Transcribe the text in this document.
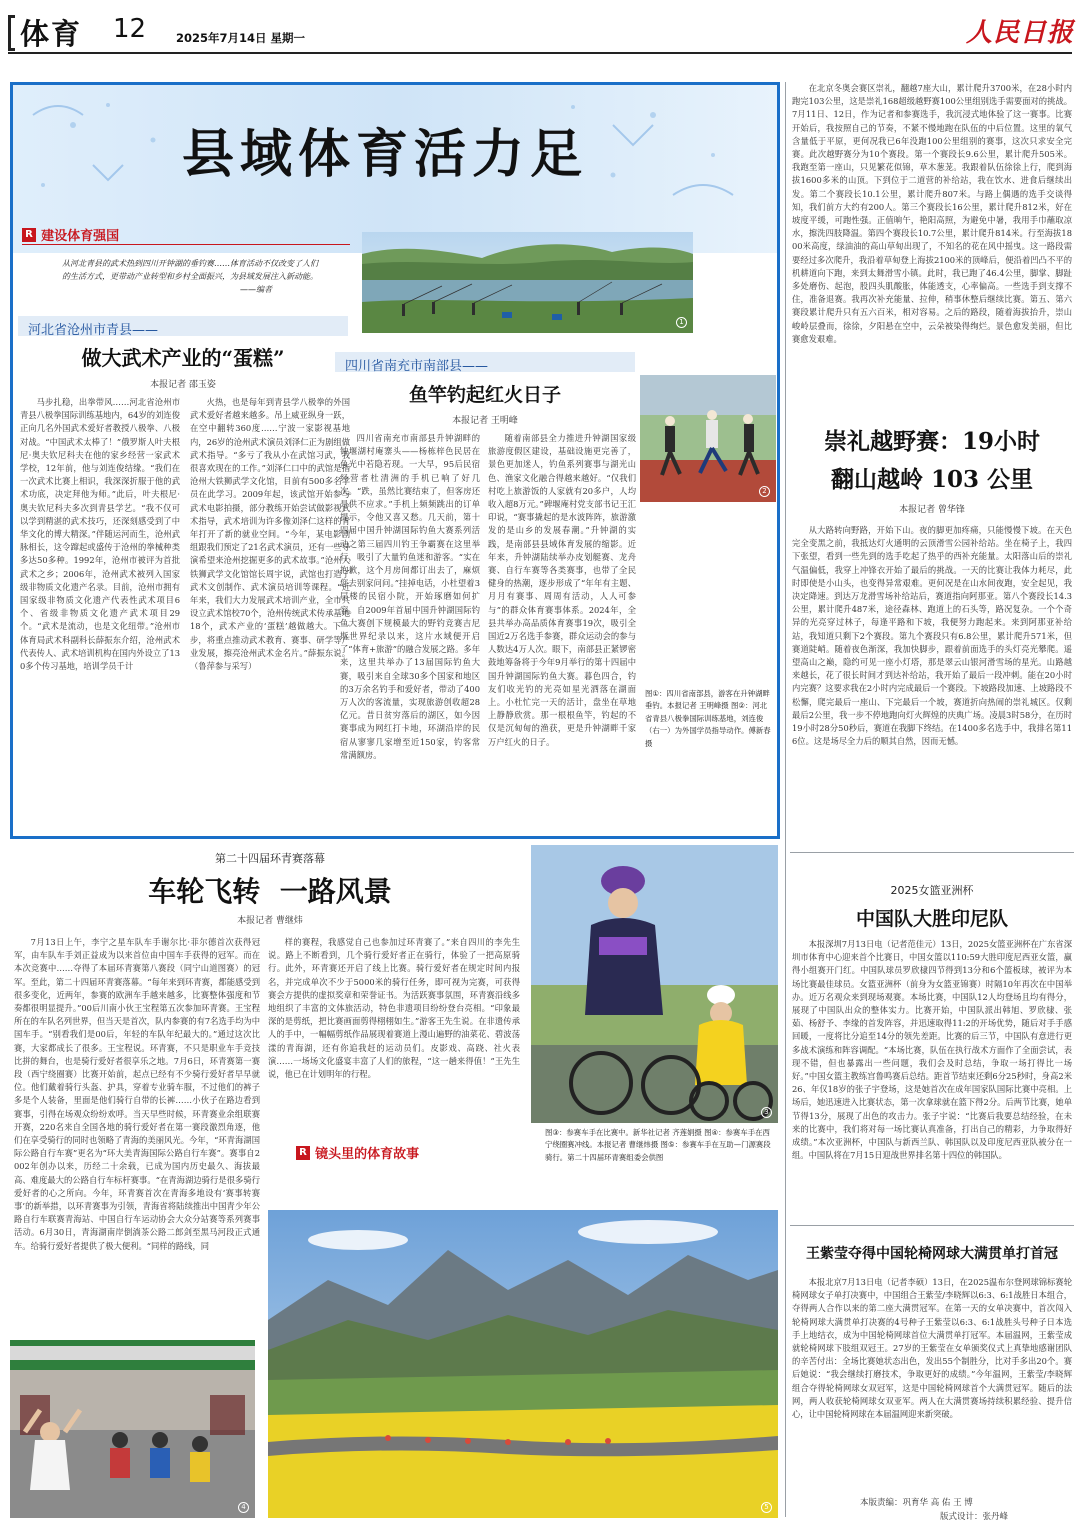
体育 12	2025年7月14日 星期一	人民日报
县域体育活力足
R 建设体育强国
从河北青县的武术热到四川开钟湖的垂钓赛……体育活动不仅改变了人们的生活方式，更带动产业转型和乡村全面振兴，为县域发展注入新动能。
——编者
1
河北省沧州市青县——
做大武术产业的“蛋糕”
本报记者 邵玉姿

马步扎稳，出拳带风……河北省沧州市青县八极拳国际训练基地内，64岁的刘连俊正向几名外国武术爱好者教授八极拳、八极对战。“中国武术太棒了！”俄罗斯人叶夫根尼·奥夫钦尼科夫在他的家乡经营一家武术学校，12年前，他与刘连俊结缘。“我们在一次武术比赛上相识，我深深折服于他的武术功底，决定拜他为师。”此后，叶夫根尼·奥夫钦尼科夫多次到青县学艺。“我不仅可以学到精湛的武术技巧，还深刻感受到了中华文化的博大精深。”伴随运河而生，沧州武脉相长，这令蹿起或盛传于沧州的拳械种类多达50多种。1992年，沧州市被评为首批武术之乡；2006年，沧州武术被列入国家级非物质文化遗产名录。目前，沧州市拥有国家级非物质文化遗产代表性武术项目6个、省级非物质文化遗产武术项目29个。“武术是流动，也是文化纽带。”沧州市体育局武术科副科长薛振东介绍，沧州武术代表传人、武术培训机构在国内外设立了130多个传习基地，培训学员千计

火热，也是每年到青县学八极拳的外国武术爱好者越来越多。吊上威亚纵身一跃，在空中翻转360度……宁波一家影视基地内，26岁的沧州武术演员刘泽仁正为剧组做武术指导。“多亏了我从小在武馆习武，我很喜欢现在的工作。”刘泽仁口中的武馆是指沧州大铁狮武学文化馆，目前有500多名学员在此学习。2009年起，该武馆开始参与武术电影拍摄，部分教练开始尝试做影视武术指导，武术培训为许多像刘泽仁这样的青年打开了新的就业空间。“今年，某电影剧组跟我们预定了21名武术演员，还有一些导演希望来沧州挖掘更多的武术故事。”沧州大铁狮武学文化馆馆长周宇说，武馆也打造了武术文创制作、武术演员培训等课程。“近年来，我们大力发展武术培训产业，全市共设立武术馆校70个，沧州传统武术传承基地18个，武术产业的‘蛋糕’越做越大。下一步，将重点推动武术教育、赛事、研学等产业发展，擦亮沧州武术金名片。”薛振东说。（鲁萍参与采写）

四川省南充市南部县——
鱼竿钓起红火日子
本报记者 王明峰

四川省南充市南部县升钟湖畔的钟堰湖村庵寨头——杨栋梓色民居在鱼光中若隐若现。一大早，95后民宿经营者杜清洲的手机已响了好几次。“跌，虽然比赛结束了，但客房还是供不应求。”手机上频频跳出的订单提示，令他又喜又愁。几天前，第十四届中国升钟湖国际钓鱼大赛系列活动之第三届四川钓王争霸赛在这里举行，吸引了大量钓鱼迷和游客。“实在抱歉，这个月房间都订出去了，麻烦您去别家问问。”挂掉电话，小杜望着3层楼的民宿小院，开始琢磨如何扩容。自2009年首届中国升钟湖国际钓鱼大赛创下规模最大的野钓竞赛吉尼斯世界纪录以来，这片水域便开启了“体育+旅游”的融合发展之路。多年来，这里共举办了13届国际钓鱼大赛，吸引来自全球30多个国家和地区的3万余名钓手和爱好者，带动了400万人次的客流量，实现旅游创收超28亿元。昔日贫穷落后的湖区，如今因赛事成为网红打卡地，环湖沿岸的民宿从寥寥几家增至近150家，钓客常常满额房。

随着南部县全力推进升钟湖国家级旅游度假区建设，基础设施更完善了，景色更加迷人，钓鱼系列赛事与湖光山色、渔家文化融合得越来越好。“仅我们村吃上旅游饭的人家就有20多户，人均收入超8万元。”碑堰庵村党支部书记王汇印说，“赛事撬起的是水波阵阵，旅游激发的是山乡的发展春潮。”升钟湖的实践，是南部县县域体育发展的缩影。近年来，升钟湖陆续举办皮划艇赛、龙舟赛、自行车赛等各类赛事，也带了全民健身的热潮，逐步形成了“年年有主题、月月有赛事、周周有活动，人人可参与”的群众体育赛事体系。2024年，全县共举办高品质体育赛事19次，吸引全国近2万名选手参赛，群众运动会的参与人数达4万人次。眼下，南部县正紧锣密鼓地筹备将于今年9月举行的第十四届中国升钟湖国际钓鱼大赛。暮色四合，钓友们收光钓的光亮如星光洒落在湖面上。小杜忙完一天的活计，盘坐在草地上静静欣赏。那一根根鱼竿，钓起的不仅是沉甸甸的渔获，更是升钟湖畔千家万户红火的日子。

2
图①：四川省南部县，游客在升钟湖畔垂钓。本报记者 王明峰摄 图②：河北省青县八极拳国际训练基地，刘连俊（右一）为外国学员指导动作。傅新春摄

在北京冬奥会赛区崇礼，翻越7座大山，累计爬升3700米，在28小时内跑完103公里，这是崇礼168超级越野赛100公里组别选手需要面对的挑战。7月11日、12日，作为记者和参赛选手，我沉浸式地体验了这一赛事。比赛开始后，我按照自己的节奏，不紧不慢地跑在队伍的中后位置。这里的氧气含量低于平原，更何况我已6年没跑100公里组别的赛事，这次只求安全完赛。此次越野赛分为10个赛段。第一个赛段长9.6公里，累计爬升505米。我跑至第一座山，只见繁花似锦，草木葱茏。我跟着队伍徐徐上行，爬到海拔1600多米的山顶。下到位于二道营的补给站，我在饮水、进食后继续出发。第二个赛段长10.1公里，累计爬升807米。与路上偶遇的选手交谈得知，我们前方大约有200人。第三个赛段长16公里，累计爬升812米，好在坡度平缓，可跑性强。正值晌午，艳阳高照，为避免中暑，我用手巾蘸取凉水，擦洗四肢降温。第四个赛段长10.7公里，累计爬升814米。行至海拔1800米高度，绿油油的高山草甸出现了，不知名的花在风中摇曳。这一路段需要经过多次爬升，我沿着草甸登上海拔2100米的顶峰后，便沿着凹凸不平的机耕道向下跑，来到太舞滑雪小镇。此时，我已跑了46.4公里，脚掌、脚趾多处磨伤、起泡，股四头肌酸胀，体能透支，心率偏高。一些选手到支撑不住，准备退赛。我再次补充能量、拉伸，稍事休整后继续比赛。第五、第六赛段累计爬升只有五六百米，相对容易。之后的路段，随着海拔抬升，崇山峻岭层叠而，徐徐，夕阳悬在空中，云朵被染得绚烂。景色愈发美丽，但比赛愈发艰难。

崇礼越野赛：19小时
翻山越岭 103 公里
本报记者 曾华锋

从大路转向野路，开始下山。夜的脚更加疼痛，只能慢慢下坡。在天色完全变黑之前，我抵达灯火通明的云顶滑雪公园补给站。坐在椅子上，我四下张望，看到一些先到的选手吃起了热乎的西补充能量。太阳落山后的崇礼气温偏低，我穿上冲锋衣开始了最后的挑战。一天的比赛让我体力耗尽，此时即使是小山头，也变得异常艰难。更何况是在山水间夜跑，安全起见，我决定降速。到达万龙滑雪场补给站后，赛道指向阿那亚。第八个赛段长14.3公里，累计爬升487米，途径森林、跑道上的石头等，路况复杂。一个个奇异的光亮穿过林子，每逢平路和下坡，我便努力跑起来。来到阿那亚补给站，我知道只剩下2个赛段。第九个赛段只有6.8公里，累计爬升571米，但赛道陡峭。随着夜色渐深，我加快脚步，跟着前面选手的头灯亮光攀爬。遥望高山之巅，隐约可见一座小灯塔，那是翠云山银河滑雪场的星光。山路越来越长，花了很长时间才到达补给站，我开始了最后一段冲刺。能在20小时内完赛？这要求我在2小时内完成最后一个赛段。下坡路段加速、上坡路段不松懈，爬完最后一座山、下完最后一个坡，赛道折向热闹的崇礼城区。仅剩最后2公里，我一步不停地跑向灯火辉煌的庆典广场。凌晨3时58分，在历时19小时28分50秒后，赛道在我脚下终结。在1400多名选手中，我排名第116位。这是场尽全力后的顺其自然，因而无憾。

2025女篮亚洲杯
中国队大胜印尼队

本报深圳7月13日电（记者范佳元）13日，2025女篮亚洲杯在广东省深圳市体育中心迎来首个比赛日，中国女篮以110:59大胜印度尼西亚女篮，赢得小组赛开门红。中国队球员罗欣棣四节得到13分和6个篮板球，被评为本场比赛最佳球员。女篮亚洲杯（前身为女篮亚锦赛）时隔10年再次在中国举办。近万名观众来到现场观赛。本场比赛，中国队12人均登场且均有得分，展现了中国队出众的整体实力。比赛开始，中国队派出韩旭、罗欣棣、张茹、杨舒予、李缘的首发阵容，并迅速取得11:2的开场优势，随后对手手感回暖，一度将比分追至14分的领先差距。比赛的后三节，中国队有意进行更多战术演练和阵容调配。“本场比赛，队伍在执行战术方面作了全面尝试，表现不错，但也暴露出一些问题，我们会及时总结，争取一场打得比一场好。”中国女篮主教练宫鲁鸣赛后总结。距首节结束还剩6分25秒时，身高2米26、年仅18岁的张子宇登场，这是她首次在成年国家队国际比赛中亮相。上场后，她迅速进入比赛状态，第一次拿球就在篮下得2分。后两节比赛，她单节得13分，展现了出色的攻击力。张子宇说：“比赛后我要总结经验，在未来的比赛中，我们将对每一场比赛认真准备，打出自己的精彩，力争取得好成绩。”本次亚洲杯，中国队与新西兰队、韩国队以及印度尼西亚队被分在一组。中国队将在7月15日迎战世界排名第十四位的韩国队。

王紫莹夺得中国轮椅网球大满贯单打首冠

本报北京7月13日电（记者李硕）13日，在2025温布尔登网球锦标赛轮椅网球女子单打决赛中，中国组合王紫莹/李晓辉以6:3、6:1战胜日本组合，夺得两人合作以来的第二座大满贯冠军。在第一天的女单决赛中，首次闯入轮椅网球大满贯单打决赛的4号种子王紫莹以6:3、6:1战胜头号种子日本选手上地结衣，成为中国轮椅网球首位大满贯单打冠军。本届温网，王紫莹成就轮椅网球下肢组双冠王。27岁的王紫莹在女单颁奖仪式上真挚地感谢团队的辛苦付出：全场比赛她状态出色，发出55个制胜分，比对手多出20个。赛后她说：“我会继续打磨技术，争取更好的成绩。”今年温网，王紫莹/李晓辉组合夺得轮椅网球女双冠军，这是中国轮椅网球首个大满贯冠军。随后的法网，两人收获轮椅网球女双亚军。两人在大满贯赛场持续积累经验、提升信心，让中国轮椅网球在本届温网迎来新突破。

本版责编：巩育华 高 佑 王 博
版式设计：张丹峰
第二十四届环青赛落幕
车轮飞转  一路风景
本报记者 曹继炜

7月13日上午，李宁之星车队车手谢尔比·菲尔德首次获得冠军，由车队车手刘正益成为以来首位由中国车手获得的冠军。而在本次竞赛中……夺得了本届环青赛第八赛段（同宁山道图赛）的冠军。至此，第二十四届环青赛落幕。“每年来到环青赛，都能感受到很多变化，近两年，参赛的欧洲车手越来越多，比赛整体强度和节奏都很明显提升。”00后川南小伙王宝程第五次参加环青赛。王宝程所在的车队名列世界，但当天是首次，队内参赛的有7名选手均为中国车手。“别看我们是00后，年轻的车队年纪最大的。”通过这次比赛，大家都成长了很多。王宝程说。环青赛，不只是职业车手竞技比拼的舞台，也是骑行爱好者很享乐之地。7月6日，环青赛第一赛段（西宁绕圈赛）比赛开始前，起点已经有不少骑行爱好者早早就位。他们戴着骑行头盔、护具，穿着专业骑车服，不过他们的裤子多是个人装备，里面是他们骑行自带的长裤……小伙子在路边看到赛事，引得在场观众纷纷欢呼。当天早些时候，环青赛业余组联赛开赛，220名来自全国各地的骑行爱好者在第一赛段激烈角逐，他们在享受骑行的同时也领略了青海的美丽风光。今年，“环青海湖国际公路自行车赛”更名为“环大美青海国际公路自行车赛”。赛事自2002年创办以来，历经二十余载，已成为国内历史最久、海拔最高、难度最大的公路自行车标杆赛事。“在青海湖边骑行是很多骑行爱好者的心之所向。今年，环青赛首次在青海多地设有‘赛事转赛事’的新举措，以环青赛事为引领，青海省将陆续推出中国青少年公路自行车联赛青海站、中国自行车运动协会大众分站赛等系列赛事活动。6月30日，青海湖南岸倒淌茶公路二郎剑至黑马河段正式通车。给骑行爱好者提供了极大便利。“同样的路线，同

样的赛程，我感觉自己也参加过环青赛了。”来自四川的李先生说。路上不断看到，几个骑行爱好者正在骑行，体验了一把高原骑行。此外，环青赛还开启了线上比赛。骑行爱好者在规定时间内报名，并完成单次不少于5000米的骑行任务，即可视为完赛，可获得赛会方提供的虚拟奖章和荣誉证书。为活跃赛事氛围，环青赛沿线多地组织了丰富的文体旅活动，特色非遗项目纷纷登台亮相。“印象最深的是剪纸，把比赛画面剪得栩栩如生。”游客王先生说。在非遗传承人的手中，一幅幅剪纸作品展现着赛道上漫山遍野的油菜花、碧波荡漾的青海湖，还有你追我赶的运动员们。皮影戏、高跷、社火表演……一场场文化盛宴丰富了人们的旅程，“这一趟来得值！”王先生说，他已在计划明年的行程。

3
图③：参赛车手在比赛中。新华社记者 齐莲娟摄 图④：参赛车手在西宁绕圈赛冲线。本报记者 曹继炜摄 图⑤：参赛车手在互助—门源赛段骑行。第二十四届环青赛组委会供图
R 镜头里的体育故事
4	5
